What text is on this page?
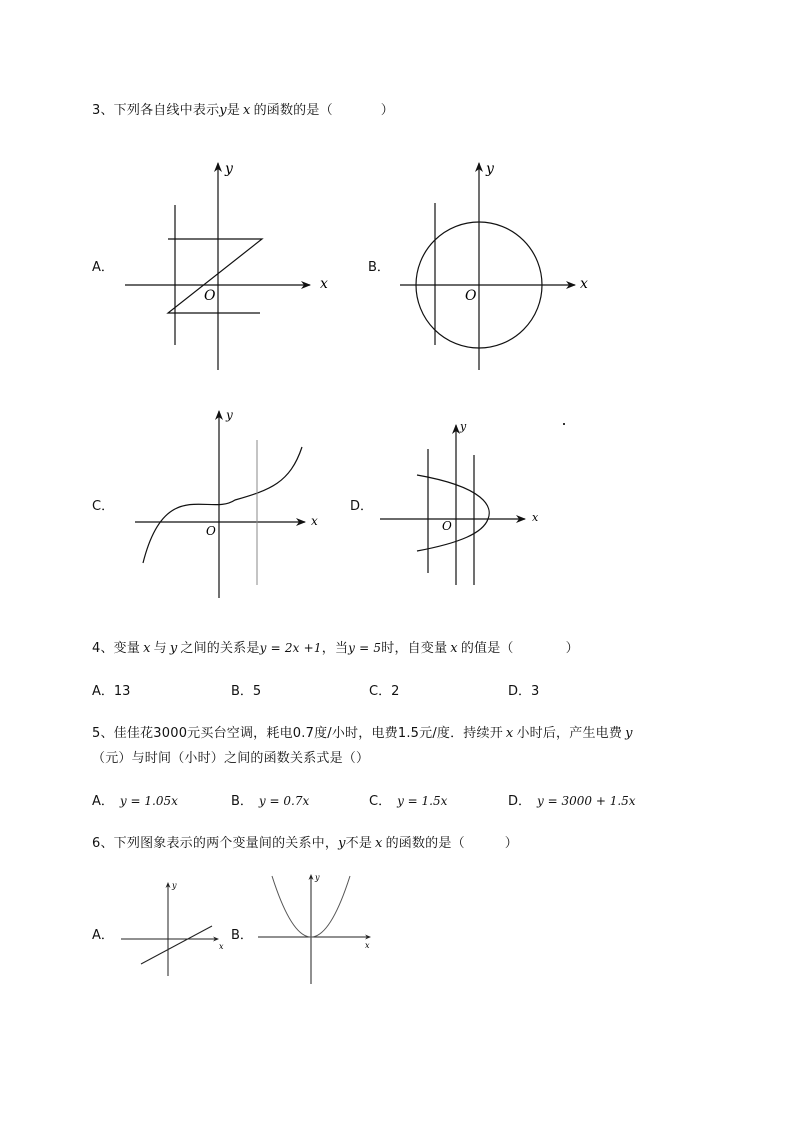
3、下列各自线中表示y是 x 的函数的是（	）
A．	B．
C．	D．
x
y
O
x
y
O
x
y
O
x
y
O
4、变量 x 与 y 之间的关系是y = 2x +1，当y = 5时，自变量 x 的值是（	）
A．13	B．5	C．2	D．3
5、佳佳花3000元买台空调，耗电0.7度/小时，电费1.5元/度．持续开 x 小时后，产生电费 y
（元）与时间（小时）之间的函数关系式是（）
A． y = 1.05x	B． y = 0.7x	C． y = 1.5x	D． y = 3000 + 1.5x
6、下列图象表示的两个变量间的关系中，y不是 x 的函数的是（	）
A．	B．
x
y
x
y
